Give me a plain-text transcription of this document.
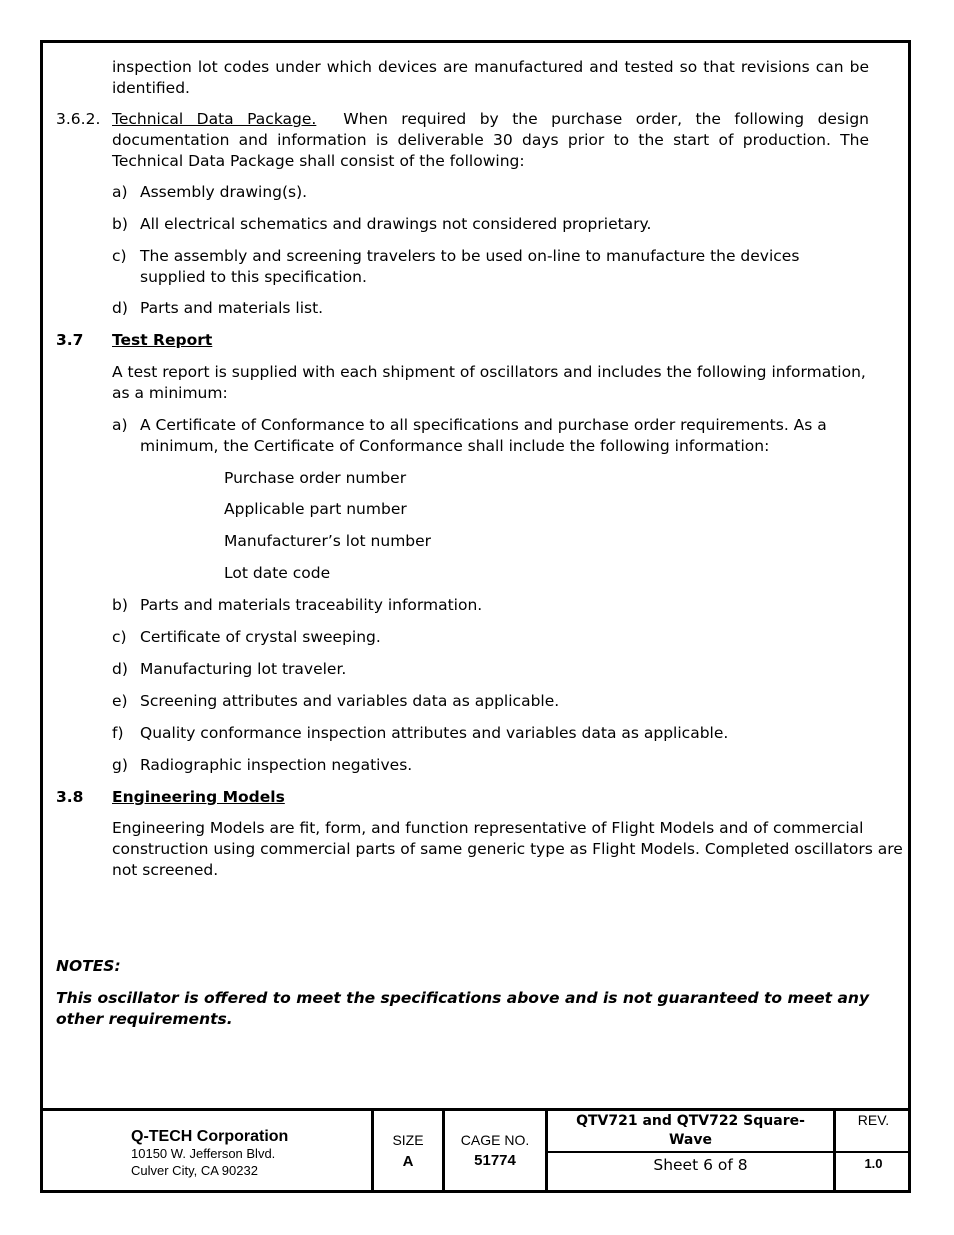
inspection lot codes under which devices are manufactured and tested so that revisions can be identified.
3.6.2. Technical Data Package. When required by the purchase order, the following design documentation and information is deliverable 30 days prior to the start of production. The Technical Data Package shall consist of the following:
a) Assembly drawing(s).
b) All electrical schematics and drawings not considered proprietary.
c) The assembly and screening travelers to be used on-line to manufacture the devices
supplied to this specification.
d) Parts and materials list.
3.7 Test Report
A test report is supplied with each shipment of oscillators and includes the following information, as a minimum:
a) A Certificate of Conformance to all specifications and purchase order requirements. As a
minimum, the Certificate of Conformance shall include the following information:
Purchase order number
Applicable part number
Manufacturer’s lot number
Lot date code
b) Parts and materials traceability information.
c) Certificate of crystal sweeping.
d) Manufacturing lot traveler.
e) Screening attributes and variables data as applicable.
f) Quality conformance inspection attributes and variables data as applicable.
g) Radiographic inspection negatives.
3.8 Engineering Models
Engineering Models are fit, form, and function representative of Flight Models and of commercial
construction using commercial parts of same generic type as Flight Models. Completed oscillators are
not screened.
NOTES:
This oscillator is offered to meet the specifications above and is not guaranteed to meet any
other requirements.
Q-TECH Corporation
10150 W. Jefferson Blvd.
Culver City, CA 90232
SIZE
A
CAGE NO.
51774
QTV721 and QTV722 Square-
Wave
Sheet 6 of 8
REV.
1.0
